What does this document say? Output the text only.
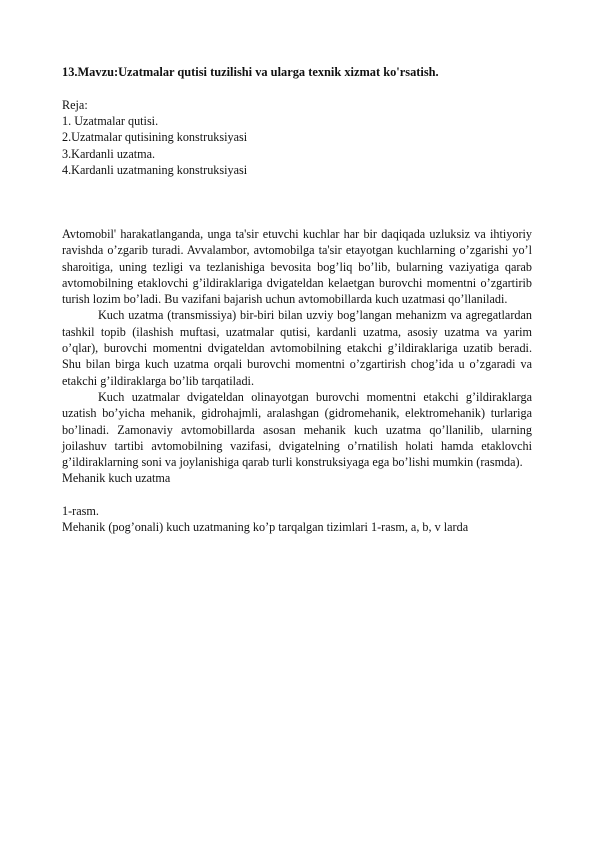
13.Mavzu:Uzatmalar qutisi tuzilishi va ularga texnik xizmat ko'rsatish.
Reja:
1. Uzatmalar qutisi.
2.Uzatmalar qutisining konstruksiyasi
3.Kardanli uzatma.
4.Kardanli uzatmaning konstruksiyasi

Avtomobil' harakatlanganda, unga ta'sir etuvchi kuchlar har bir daqiqada uzluksiz va ihtiyoriy ravishda o’zgarib turadi. Avvalambor, avtomobilga ta'sir etayotgan kuchlarning o’zgarishi yo’l sharoitiga, uning tezligi va tezlanishiga bevosita bog’liq bo’lib, bularning vaziyatiga qarab avtomobilning etaklovchi g’ildiraklariga dvigateldan kelaetgan burovchi momentni o’zgartirib turish lozim bo’ladi. Bu vazifani bajarish uchun avtomobillarda kuch uzatmasi qo’llaniladi.

Kuch uzatma (transmissiya) bir-biri bilan uzviy bog’langan mehanizm va agregatlardan tashkil topib (ilashish muftasi, uzatmalar qutisi, kardanli uzatma, asosiy uzatma va yarim o’qlar), burovchi momentni dvigateldan avtomobilning etakchi g’ildiraklariga uzatib beradi. Shu bilan birga kuch uzatma orqali burovchi momentni o’zgartirish chog’ida u o’zgaradi va etakchi g’ildiraklarga bo’lib tarqatiladi.

Kuch uzatmalar dvigateldan olinayotgan burovchi momentni etakchi g’ildiraklarga uzatish bo’yicha mehanik, gidrohajmli, aralashgan (gidromehanik, elektromehanik) turlariga bo’linadi. Zamonaviy avtomobillarda asosan mehanik kuch uzatma qo’llanilib, ularning joilashuv tartibi avtomobilning vazifasi, dvigatelning o’rnatilish holati hamda etaklovchi g’ildiraklarning soni va joylanishiga qarab turli konstruksiyaga ega bo’lishi mumkin (rasmda).

Mehanik kuch uzatma
1-rasm.
Mehanik (pog’onali) kuch uzatmaning ko’p tarqalgan tizimlari 1-rasm, a, b, v larda
